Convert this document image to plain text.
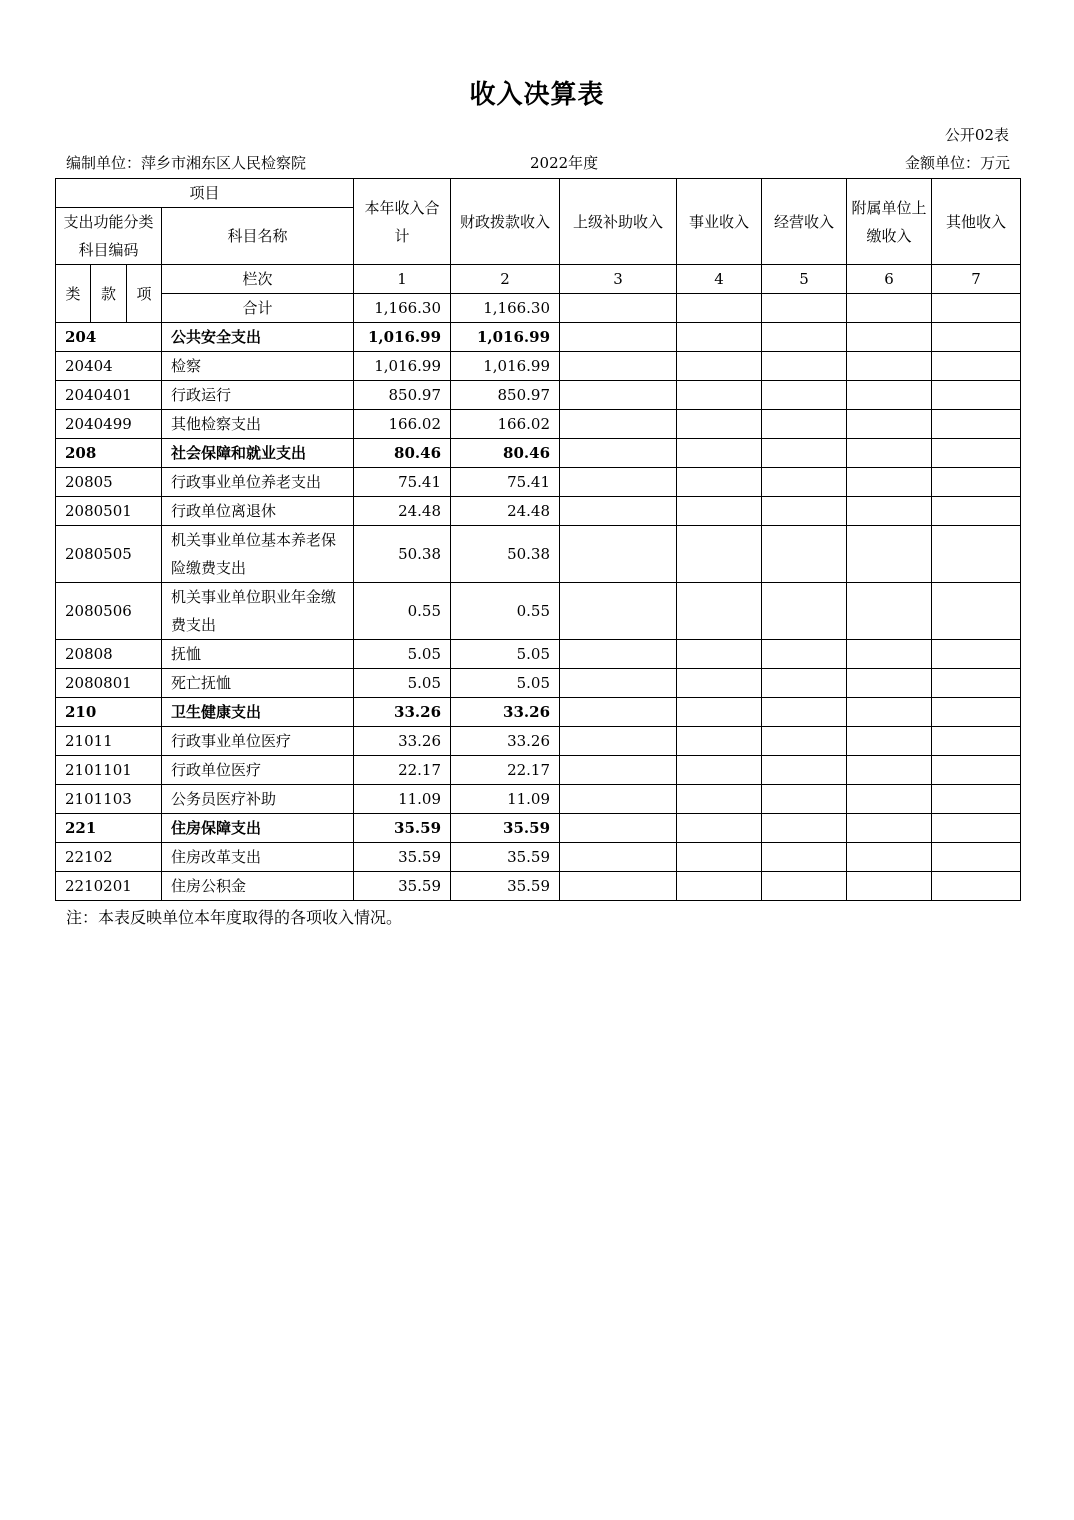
收入决算表
公开02表
编制单位：萍乡市湘东区人民检察院	2022年度	金额单位：万元
项目				本年收入合计	财政拨款收入	上级补助收入	事业收入	经营收入	附属单位上缴收入	其他收入
支出功能分类科目编码			科目名称							
类	款	项	栏次	1	2	3	4	5	6	7
			合计	1,166.30	1,166.30					
204			公共安全支出	1,016.99	1,016.99					
20404			检察	1,016.99	1,016.99					
2040401			行政运行	850.97	850.97					
2040499			其他检察支出	166.02	166.02					
208			社会保障和就业支出	80.46	80.46					
20805			行政事业单位养老支出	75.41	75.41					
2080501			行政单位离退休	24.48	24.48					
2080505			机关事业单位基本养老保险缴费支出	50.38	50.38					
2080506			机关事业单位职业年金缴费支出	0.55	0.55					
20808			抚恤	5.05	5.05					
2080801			死亡抚恤	5.05	5.05					
210			卫生健康支出	33.26	33.26					
21011			行政事业单位医疗	33.26	33.26					
2101101			行政单位医疗	22.17	22.17					
2101103			公务员医疗补助	11.09	11.09					
221			住房保障支出	35.59	35.59					
22102			住房改革支出	35.59	35.59					
2210201			住房公积金	35.59	35.59					
注：本表反映单位本年度取得的各项收入情况。
